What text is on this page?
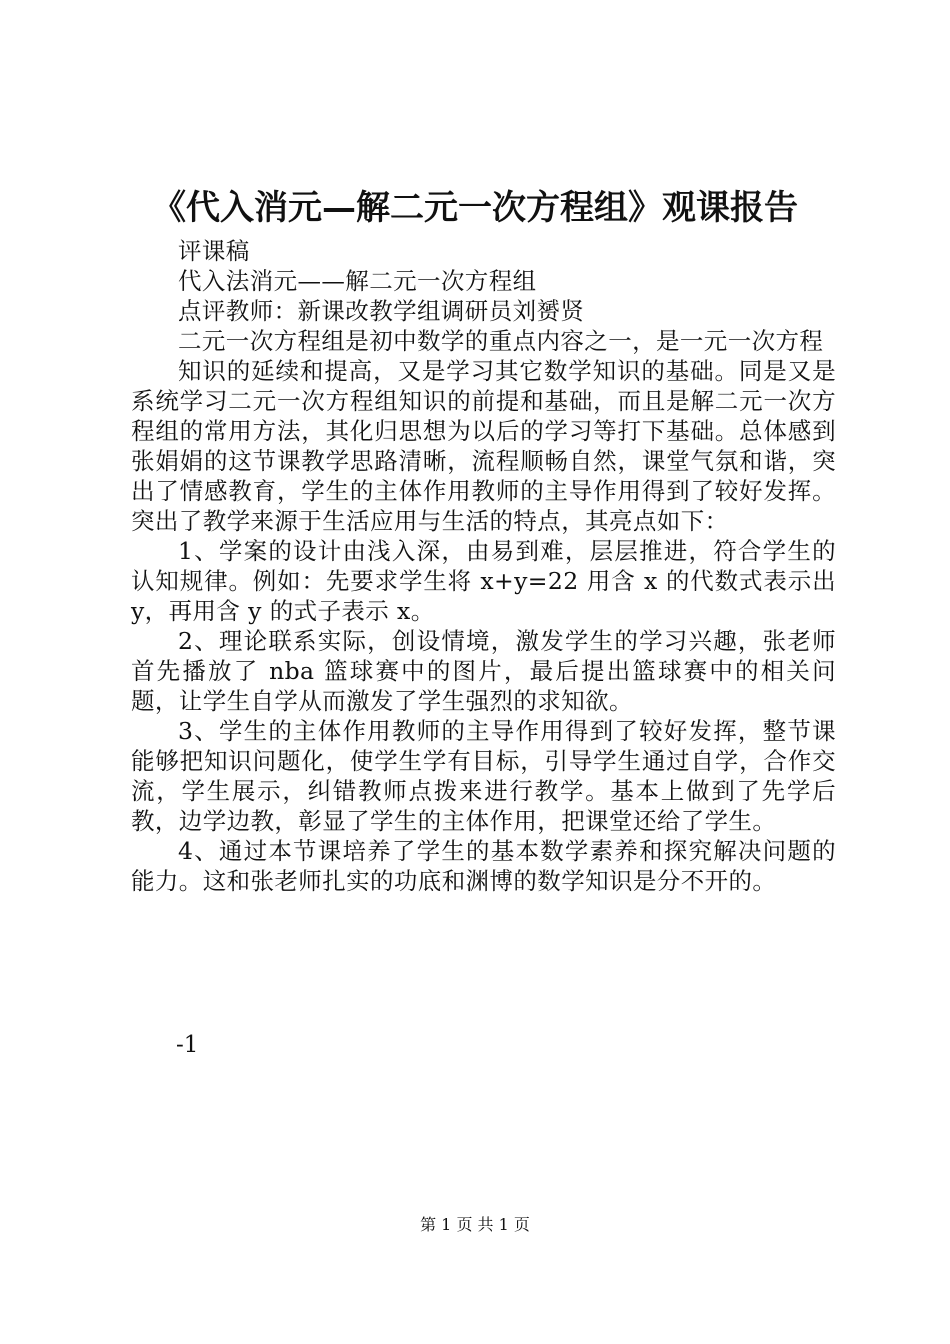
《代入消元—解二元一次方程组》观课报告

评课稿

代入法消元——解二元一次方程组

点评教师：新课改教学组调研员刘赟贤

二元一次方程组是初中数学的重点内容之一，是一元一次方程

知识的延续和提高，又是学习其它数学知识的基础。同是又是系统学习二元一次方程组知识的前提和基础，而且是解二元一次方程组的常用方法，其化归思想为以后的学习等打下基础。总体感到张娟娟的这节课教学思路清晰，流程顺畅自然，课堂气氛和谐，突出了情感教育，学生的主体作用教师的主导作用得到了较好发挥。突出了教学来源于生活应用与生活的特点，其亮点如下：

1、学案的设计由浅入深，由易到难，层层推进，符合学生的认知规律。例如：先要求学生将 x+y=22 用含 x 的代数式表示出 y，再用含 y 的式子表示 x。

2、理论联系实际，创设情境，激发学生的学习兴趣，张老师首先播放了 nba 篮球赛中的图片，最后提出篮球赛中的相关问题，让学生自学从而激发了学生强烈的求知欲。

3、学生的主体作用教师的主导作用得到了较好发挥，整节课能够把知识问题化，使学生学有目标，引导学生通过自学，合作交流，学生展示，纠错教师点拨来进行教学。基本上做到了先学后教，边学边教，彰显了学生的主体作用，把课堂还给了学生。

4、通过本节课培养了学生的基本数学素养和探究解决问题的能力。这和张老师扎实的功底和渊博的数学知识是分不开的。

-1
第 1 页 共 1 页
